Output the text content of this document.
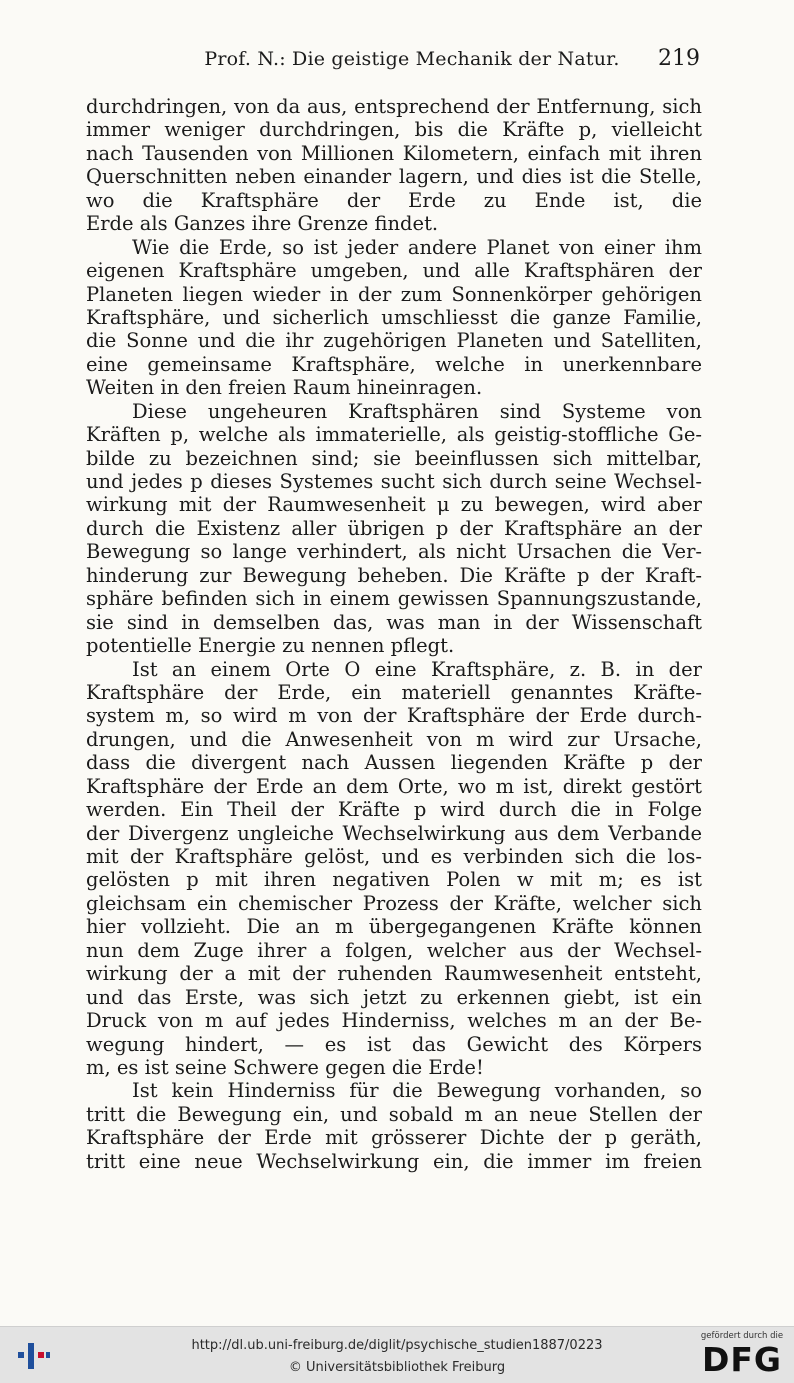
Prof. N.: Die geistige Mechanik der Natur.	219
durchdringen, von da aus, entsprechend der Entfernung, sich
immer weniger durchdringen, bis die Kräfte p, vielleicht
nach Tausenden von Millionen Kilometern, einfach mit ihren
Querschnitten neben einander lagern, und dies ist die Stelle,
wo die Kraftsphäre der Erde zu Ende ist, die
Erde als Ganzes ihre Grenze findet.
Wie die Erde, so ist jeder andere Planet von einer ihm
eigenen Kraftsphäre umgeben, und alle Kraftsphären der
Planeten liegen wieder in der zum Sonnenkörper gehörigen
Kraftsphäre, und sicherlich umschliesst die ganze Familie,
die Sonne und die ihr zugehörigen Planeten und Satelliten,
eine gemeinsame Kraftsphäre, welche in unerkennbare
Weiten in den freien Raum hineinragen.
Diese ungeheuren Kraftsphären sind Systeme von
Kräften p, welche als immaterielle, als geistig-stoffliche Ge-
bilde zu bezeichnen sind; sie beeinflussen sich mittelbar,
und jedes p dieses Systemes sucht sich durch seine Wechsel-
wirkung mit der Raumwesenheit μ zu bewegen, wird aber
durch die Existenz aller übrigen p der Kraftsphäre an der
Bewegung so lange verhindert, als nicht Ursachen die Ver-
hinderung zur Bewegung beheben. Die Kräfte p der Kraft-
sphäre befinden sich in einem gewissen Spannungszustande,
sie sind in demselben das, was man in der Wissenschaft
potentielle Energie zu nennen pflegt.
Ist an einem Orte O eine Kraftsphäre, z. B. in der
Kraftsphäre der Erde, ein materiell genanntes Kräfte-
system m, so wird m von der Kraftsphäre der Erde durch-
drungen, und die Anwesenheit von m wird zur Ursache,
dass die divergent nach Aussen liegenden Kräfte p der
Kraftsphäre der Erde an dem Orte, wo m ist, direkt gestört
werden. Ein Theil der Kräfte p wird durch die in Folge
der Divergenz ungleiche Wechselwirkung aus dem Verbande
mit der Kraftsphäre gelöst, und es verbinden sich die los-
gelösten p mit ihren negativen Polen w mit m; es ist
gleichsam ein chemischer Prozess der Kräfte, welcher sich
hier vollzieht. Die an m übergegangenen Kräfte können
nun dem Zuge ihrer a folgen, welcher aus der Wechsel-
wirkung der a mit der ruhenden Raumwesenheit entsteht,
und das Erste, was sich jetzt zu erkennen giebt, ist ein
Druck von m auf jedes Hinderniss, welches m an der Be-
wegung hindert, — es ist das Gewicht des Körpers
m, es ist seine Schwere gegen die Erde!
Ist kein Hinderniss für die Bewegung vorhanden, so
tritt die Bewegung ein, und sobald m an neue Stellen der
Kraftsphäre der Erde mit grösserer Dichte der p geräth,
tritt eine neue Wechselwirkung ein, die immer im freien
http://dl.ub.uni-freiburg.de/diglit/psychische_studien1887/0223
© Universitätsbibliothek Freiburg
gefördert durch die
DFG
